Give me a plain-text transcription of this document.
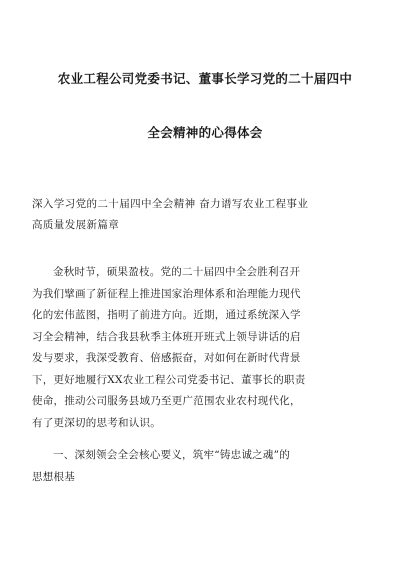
农业工程公司党委书记、董事长学习党的二十届四中
全会精神的心得体会
深入学习党的二十届四中全会精神 奋力谱写农业工程事业
高质量发展新篇章
金秋时节，硕果盈枝。党的二十届四中全会胜利召开
为我们擘画了新征程上推进国家治理体系和治理能力现代
化的宏伟蓝图，指明了前进方向。近期，通过系统深入学
习全会精神，结合我县秋季主体班开班式上领导讲话的启
发与要求，我深受教育、倍感振奋，对如何在新时代背景
下，更好地履行XX农业工程公司党委书记、董事长的职责
使命，推动公司服务县域乃至更广范围农业农村现代化，
有了更深切的思考和认识。
一、深刻领会全会核心要义，筑牢“铸忠诚之魂”的
思想根基
